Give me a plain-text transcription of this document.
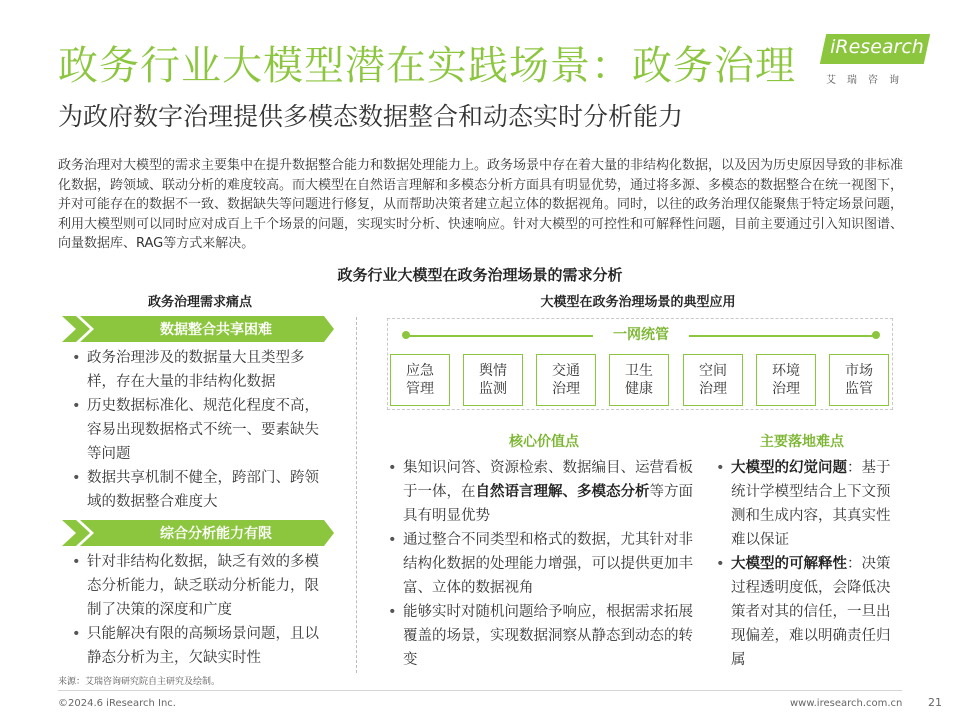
政务行业大模型潜在实践场景：政务治理
为政府数字治理提供多模态数据整合和动态实时分析能力
iResearch
艾瑞咨询
政务治理对大模型的需求主要集中在提升数据整合能力和数据处理能力上。政务场景中存在着大量的非结构化数据，以及因为历史原因导致的非标准化数据，跨领域、联动分析的难度较高。而大模型在自然语言理解和多模态分析方面具有明显优势，通过将多源、多模态的数据整合在统一视图下，并对可能存在的数据不一致、数据缺失等问题进行修复，从而帮助决策者建立起立体的数据视角。同时，以往的政务治理仅能聚焦于特定场景问题，利用大模型则可以同时应对成百上千个场景的问题，实现实时分析、快速响应。针对大模型的可控性和可解释性问题，目前主要通过引入知识图谱、向量数据库、RAG等方式来解决。
政务行业大模型在政务治理场景的需求分析
政务治理需求痛点
数据整合共享困难
• 政务治理涉及的数据量大且类型多样，存在大量的非结构化数据
• 历史数据标准化、规范化程度不高，容易出现数据格式不统一、要素缺失等问题
• 数据共享机制不健全，跨部门、跨领域的数据整合难度大
综合分析能力有限
• 针对非结构化数据，缺乏有效的多模态分析能力，缺乏联动分析能力，限制了决策的深度和广度
• 只能解决有限的高频场景问题，且以静态分析为主，欠缺实时性
大模型在政务治理场景的典型应用
一网统管
应急
管理
舆情
监测
交通
治理
卫生
健康
空间
治理
环境
治理
市场
监管
核心价值点
• 集知识问答、资源检索、数据编目、运营看板于一体，在自然语言理解、多模态分析等方面具有明显优势
• 通过整合不同类型和格式的数据，尤其针对非结构化数据的处理能力增强，可以提供更加丰富、立体的数据视角
• 能够实时对随机问题给予响应，根据需求拓展覆盖的场景，实现数据洞察从静态到动态的转变
主要落地难点
• 大模型的幻觉问题：基于统计学模型结合上下文预测和生成内容，其真实性难以保证
• 大模型的可解释性：决策过程透明度低，会降低决策者对其的信任，一旦出现偏差，难以明确责任归属
来源：艾瑞咨询研究院自主研究及绘制。
©2024.6 iResearch Inc.	www.iresearch.com.cn 21
